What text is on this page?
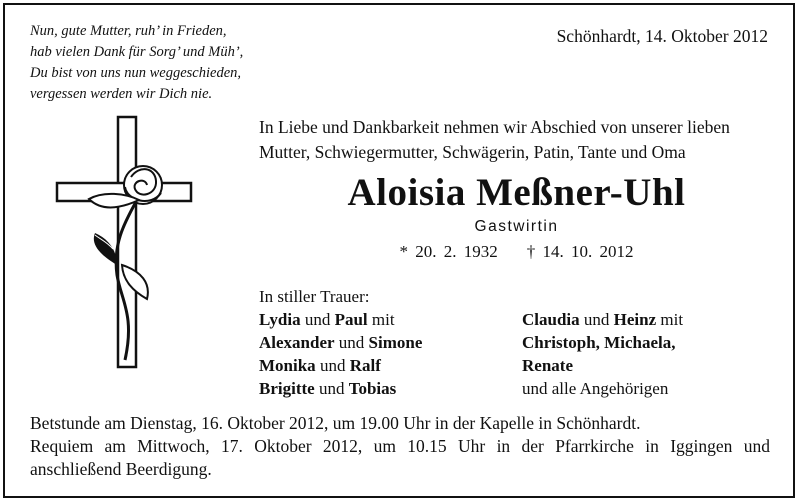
Nun, gute Mutter, ruh’ in Frieden,
hab vielen Dank für Sorg’ und Müh’,
Du bist von uns nun weggeschieden,
vergessen werden wir Dich nie.
Schönhardt, 14. Oktober 2012
In Liebe und Dankbarkeit nehmen wir Abschied von unserer lieben
Mutter, Schwiegermutter, Schwägerin, Patin, Tante und Oma
Aloisia Meßner-Uhl
Gastwirtin
* 20. 2. 1932    † 14. 10. 2012
In stiller Trauer:
Lydia und Paul mit
Alexander und Simone
Monika und Ralf
Brigitte und Tobias
Claudia und Heinz mit
Christoph, Michaela,
Renate
und alle Angehörigen
Betstunde am Dienstag, 16. Oktober 2012, um 19.00 Uhr in der Kapelle in Schönhardt.
Requiem am Mittwoch, 17. Oktober 2012, um 10.15 Uhr in der Pfarrkirche in Iggingen und
anschließend Beerdigung.
